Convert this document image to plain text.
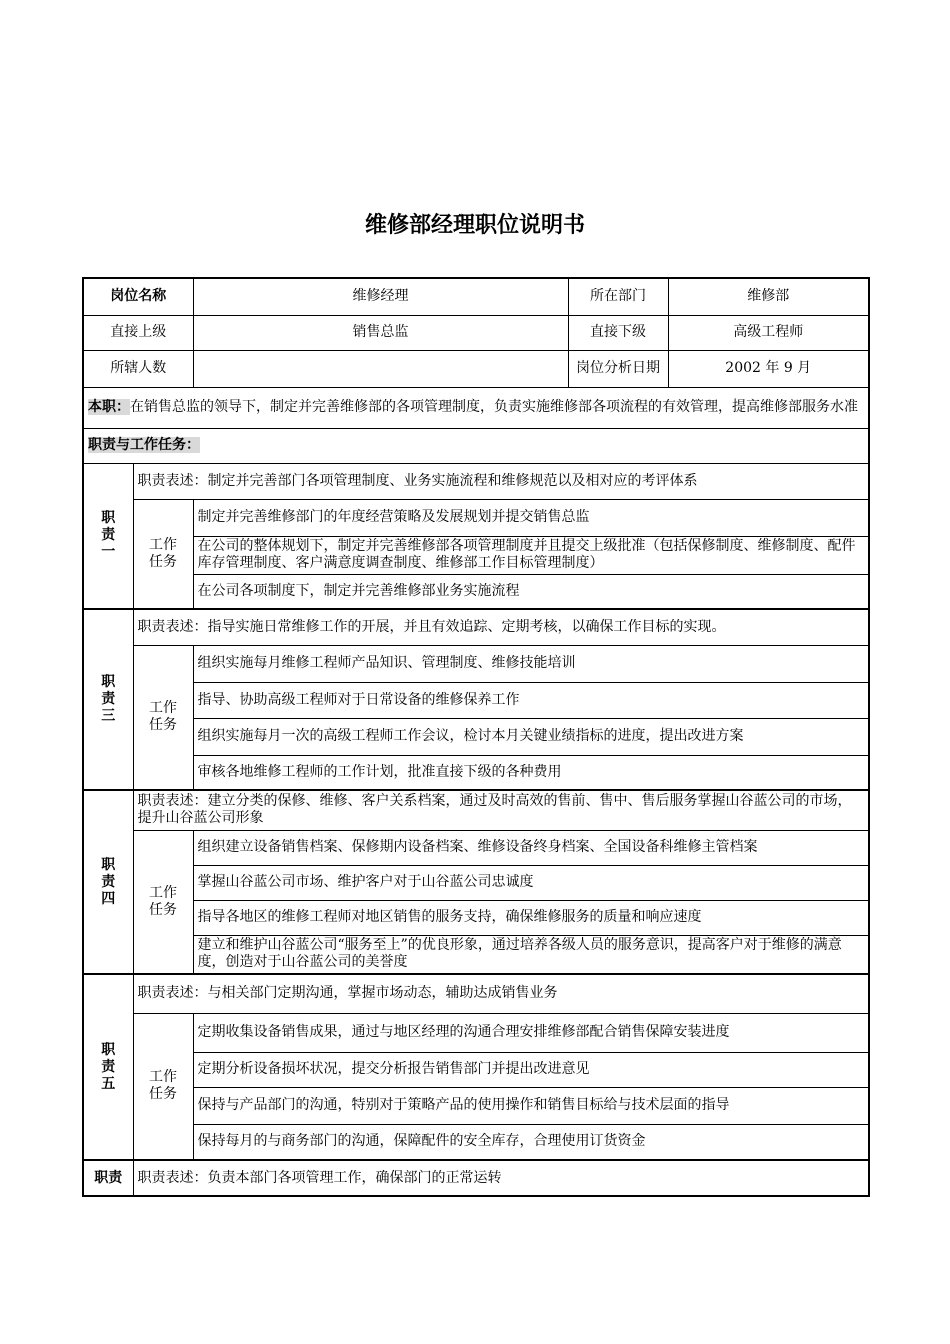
维修部经理职位说明书
岗位名称		维修经理	所在部门	维修部
直接上级		销售总监	直接下级	高级工程师
所辖人数			岗位分析日期	2002 年 9 月
本职：在销售总监的领导下，制定并完善维修部的各项管理制度，负责实施维修部各项流程的有效管理，提高维修部服务水准				
职责与工作任务：				
职责一	职责表述：制定并完善部门各项管理制度、业务实施流程和维修规范以及相对应的考评体系			
	工作任务	制定并完善维修部门的年度经营策略及发展规划并提交销售总监		
		在公司的整体规划下，制定并完善维修部各项管理制度并且提交上级批准（包括保修制度、维修制度、配件库存管理制度、客户满意度调查制度、维修部工作目标管理制度）		
		在公司各项制度下，制定并完善维修部业务实施流程		
职责三	职责表述：指导实施日常维修工作的开展，并且有效追踪、定期考核，以确保工作目标的实现。			
	工作任务	组织实施每月维修工程师产品知识、管理制度、维修技能培训		
		指导、协助高级工程师对于日常设备的维修保养工作		
		组织实施每月一次的高级工程师工作会议，检讨本月关键业绩指标的进度，提出改进方案		
		审核各地维修工程师的工作计划，批准直接下级的各种费用		
职责四	职责表述：建立分类的保修、维修、客户关系档案，通过及时高效的售前、售中、售后服务掌握山谷蓝公司的市场，提升山谷蓝公司形象			
	工作任务	组织建立设备销售档案、保修期内设备档案、维修设备终身档案、全国设备科维修主管档案		
		掌握山谷蓝公司市场、维护客户对于山谷蓝公司忠诚度		
		指导各地区的维修工程师对地区销售的服务支持，确保维修服务的质量和响应速度		
		建立和维护山谷蓝公司“服务至上”的优良形象，通过培养各级人员的服务意识，提高客户对于维修的满意度，创造对于山谷蓝公司的美誉度		
职责五	职责表述：与相关部门定期沟通，掌握市场动态，辅助达成销售业务			
	工作任务	定期收集设备销售成果，通过与地区经理的沟通合理安排维修部配合销售保障安装进度		
		定期分析设备损坏状况，提交分析报告销售部门并提出改进意见		
		保持与产品部门的沟通，特别对于策略产品的使用操作和销售目标给与技术层面的指导		
		保持每月的与商务部门的沟通，保障配件的安全库存，合理使用订货资金		
职责	职责表述：负责本部门各项管理工作，确保部门的正常运转			
